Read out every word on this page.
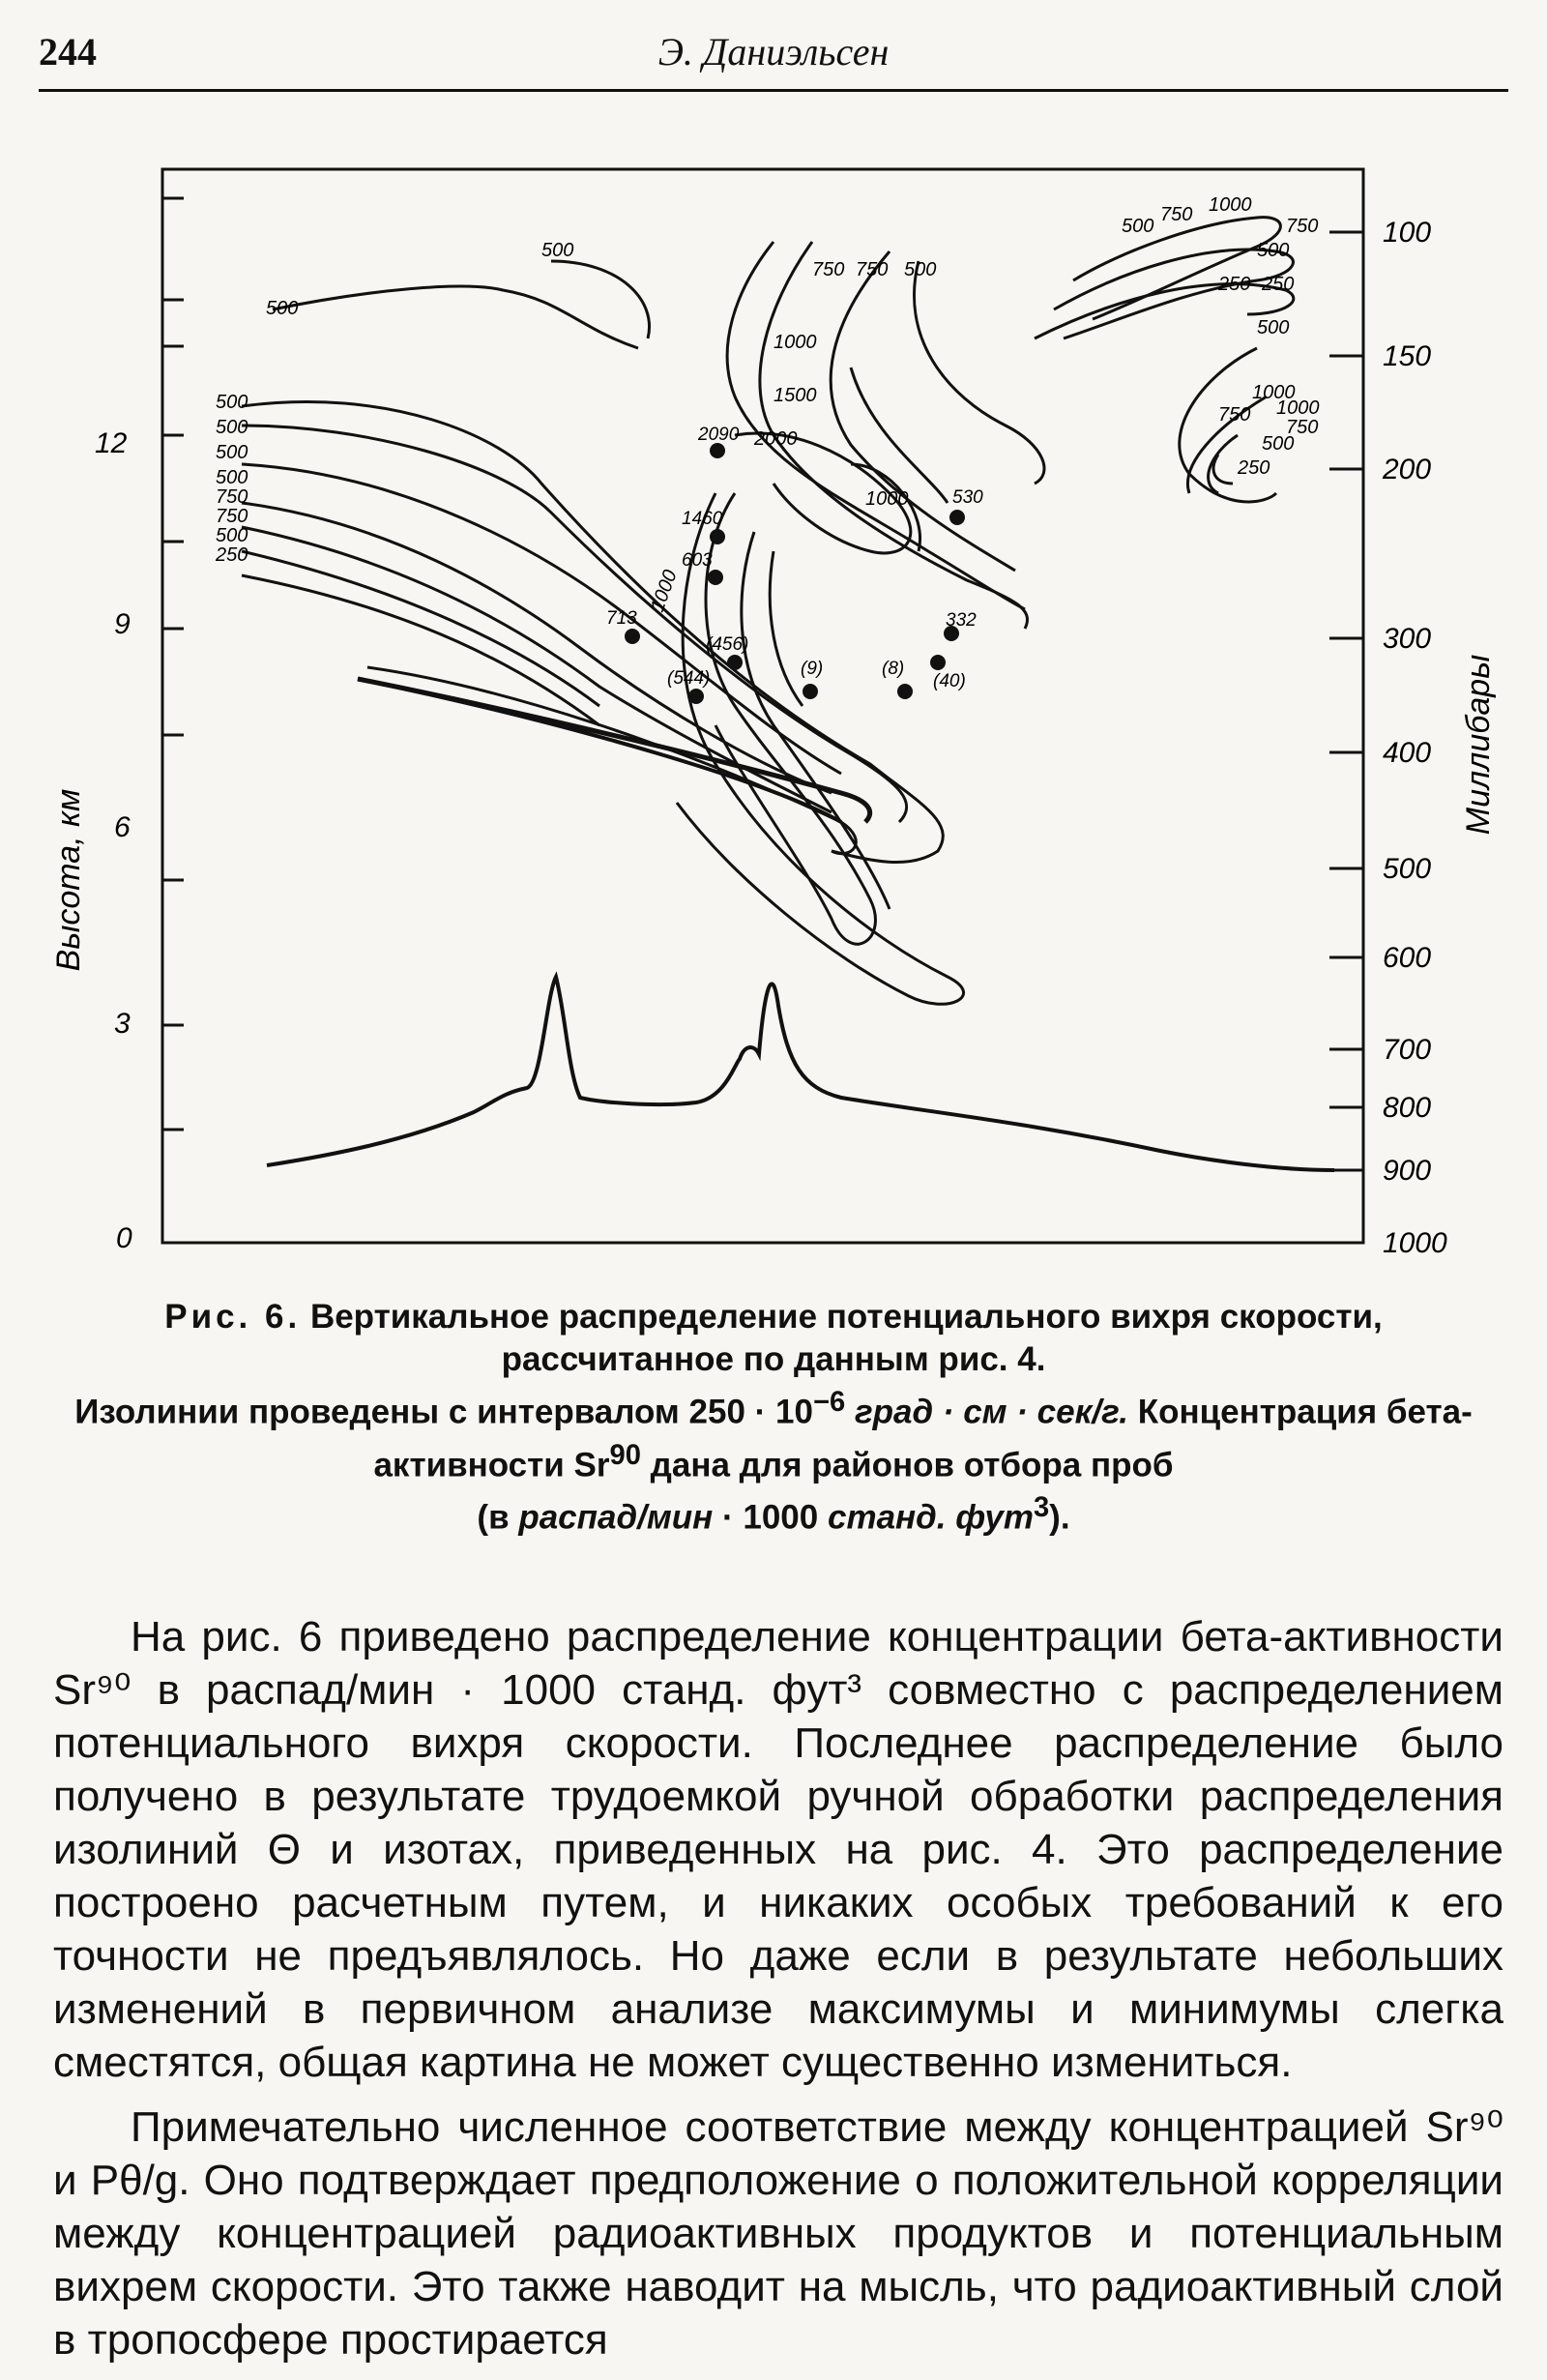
244	Э. Даниэльсен
0
3
6
9
12
Высота, км
1000
900
800
700
600
500
400
300
200
150
100
Миллибары
500
500
750 750 500
1000
1500
2000
500
500
500
500
750
750
500
250
1000
1000
500
750 1000
500
750
250 250
500
750
1000
1000
750
500
250
2090
1460
603
530
713	332
(456)
(544)	(9)	(8)
(40)
Рис. 6. Вертикальное распределение потенциального вихря скорости, рассчитанное по данным рис. 4.
Изолинии проведены с интервалом $250 \cdot 10^{-6}$ град · см · сек/г. Концентрация бета-активности Sr$^{90}$ дана для районов отбора проб
(в распад/мин · 1000 станд. фут$^3$).

На рис. 6 приведено распределение концентрации бета-активности Sr⁹⁰ в распад/мин · 1000 станд. фут³ совместно с распределением потенциального вихря скорости. Последнее распределение было получено в результате трудоемкой ручной обработки распределения изолиний Θ и изотах, приведенных на рис. 4. Это распределение построено расчетным путем, и никаких особых требований к его точности не предъявлялось. Но даже если в результате небольших изменений в первичном анализе максимумы и минимумы слегка сместятся, общая картина не может существенно измениться.

Примечательно численное соответствие между концентрацией Sr⁹⁰ и Pθ/g. Оно подтверждает предположение о положительной корреляции между концентрацией радиоактивных продуктов и потенциальным вихрем скорости. Это также наводит на мысль, что радиоактивный слой в тропосфере простирается
